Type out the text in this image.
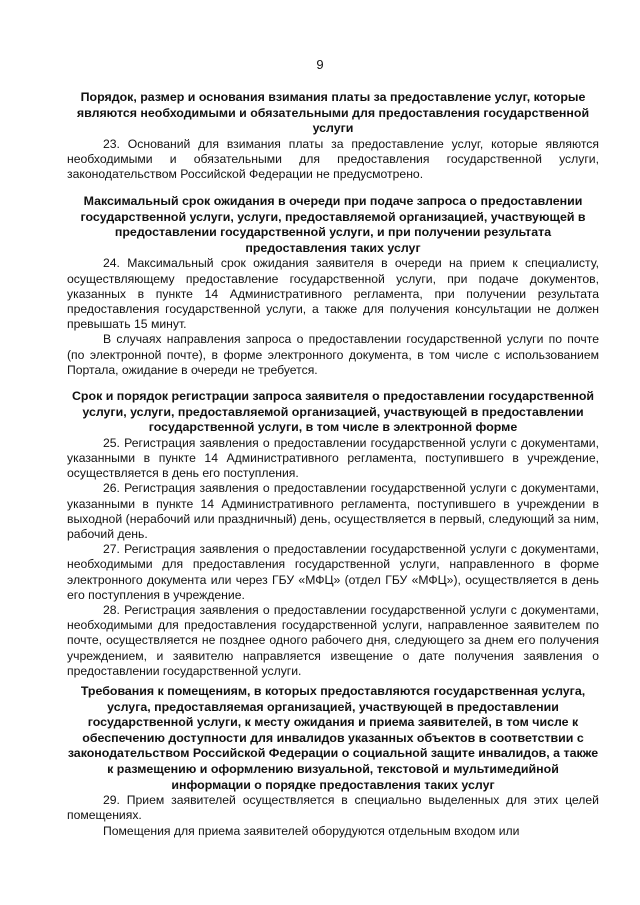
9
Порядок, размер и основания взимания платы за предоставление услуг, которые являются необходимыми и обязательными для предоставления государственной услуги
23. Оснований для взимания платы за предоставление услуг, которые являются необходимыми и обязательными для предоставления государственной услуги, законодательством Российской Федерации не предусмотрено.
Максимальный срок ожидания в очереди при подаче запроса о предоставлении государственной услуги, услуги, предоставляемой организацией, участвующей в предоставлении государственной услуги, и при получении результата предоставления таких услуг
24. Максимальный срок ожидания заявителя в очереди на прием к специалисту, осуществляющему предоставление государственной услуги, при подаче документов, указанных в пункте 14 Административного регламента, при получении результата предоставления государственной услуги, а также для получения консультации не должен превышать 15 минут.
В случаях направления запроса о предоставлении государственной услуги по почте (по электронной почте), в форме электронного документа, в том числе с использованием Портала, ожидание в очереди не требуется.
Срок и порядок регистрации запроса заявителя о предоставлении государственной услуги, услуги, предоставляемой организацией, участвующей в предоставлении государственной услуги, в том числе в электронной форме
25. Регистрация заявления о предоставлении государственной услуги с документами, указанными в пункте 14 Административного регламента, поступившего в учреждение, осуществляется в день его поступления.
26. Регистрация заявления о предоставлении государственной услуги с документами, указанными в пункте 14 Административного регламента, поступившего в учреждении в выходной (нерабочий или праздничный) день, осуществляется в первый, следующий за ним, рабочий день.
27. Регистрация заявления о предоставлении государственной услуги с документами, необходимыми для предоставления государственной услуги, направленного в форме электронного документа или через ГБУ «МФЦ» (отдел ГБУ «МФЦ»), осуществляется в день его поступления в учреждение.
28. Регистрация заявления о предоставлении государственной услуги с документами, необходимыми для предоставления государственной услуги, направленное заявителем по почте, осуществляется не позднее одного рабочего дня, следующего за днем его получения учреждением, и заявителю направляется извещение о дате получения заявления о предоставлении государственной услуги.
Требования к помещениям, в которых предоставляются государственная услуга, услуга, предоставляемая организацией, участвующей в предоставлении государственной услуги, к месту ожидания и приема заявителей, в том числе к обеспечению доступности для инвалидов указанных объектов в соответствии с законодательством Российской Федерации о социальной защите инвалидов, а также к размещению и оформлению визуальной, текстовой и мультимедийной информации о порядке предоставления таких услуг
29. Прием заявителей осуществляется в специально выделенных для этих целей помещениях.
Помещения для приема заявителей оборудуются отдельным входом или
